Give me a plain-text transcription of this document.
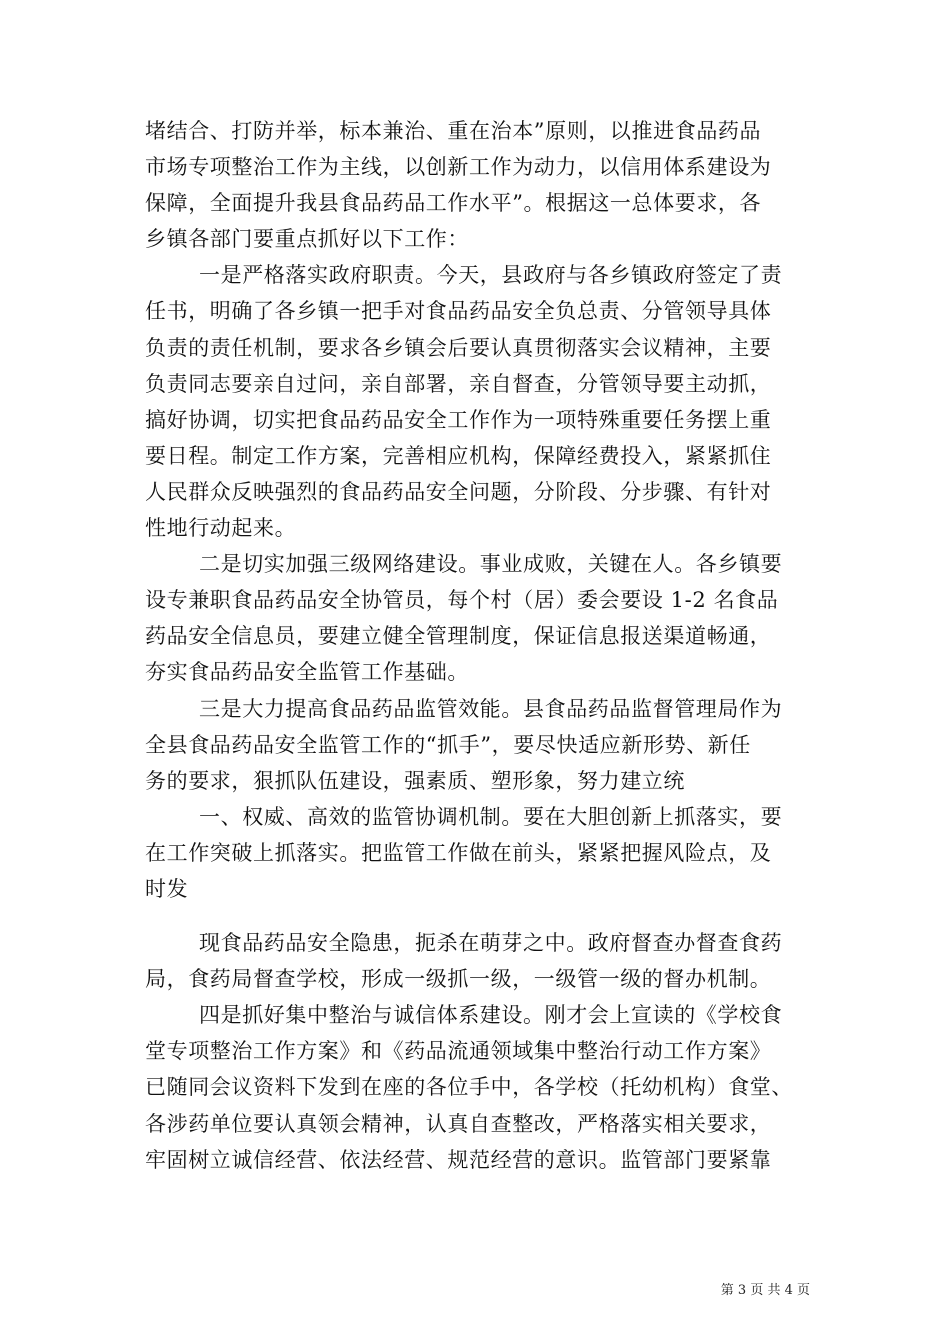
堵结合、打防并举，标本兼治、重在治本”原则，以推进食品药品
市场专项整治工作为主线，以创新工作为动力，以信用体系建设为
保障，全面提升我县食品药品工作水平”。根据这一总体要求，各
乡镇各部门要重点抓好以下工作：
一是严格落实政府职责。今天，县政府与各乡镇政府签定了责
任书，明确了各乡镇一把手对食品药品安全负总责、分管领导具体
负责的责任机制，要求各乡镇会后要认真贯彻落实会议精神，主要
负责同志要亲自过问，亲自部署，亲自督查，分管领导要主动抓，
搞好协调，切实把食品药品安全工作作为一项特殊重要任务摆上重
要日程。制定工作方案，完善相应机构，保障经费投入，紧紧抓住
人民群众反映强烈的食品药品安全问题，分阶段、分步骤、有针对
性地行动起来。
二是切实加强三级网络建设。事业成败，关键在人。各乡镇要
设专兼职食品药品安全协管员，每个村（居）委会要设 1-2 名食品
药品安全信息员，要建立健全管理制度，保证信息报送渠道畅通，
夯实食品药品安全监管工作基础。
三是大力提高食品药品监管效能。县食品药品监督管理局作为
全县食品药品安全监管工作的“抓手”，要尽快适应新形势、新任
务的要求，狠抓队伍建设，强素质、塑形象，努力建立统
一、权威、高效的监管协调机制。要在大胆创新上抓落实，要
在工作突破上抓落实。把监管工作做在前头，紧紧把握风险点，及
时发
现食品药品安全隐患，扼杀在萌芽之中。政府督查办督查食药
局，食药局督查学校，形成一级抓一级，一级管一级的督办机制。
四是抓好集中整治与诚信体系建设。刚才会上宣读的《学校食
堂专项整治工作方案》和《药品流通领域集中整治行动工作方案》
已随同会议资料下发到在座的各位手中，各学校（托幼机构）食堂、
各涉药单位要认真领会精神，认真自查整改，严格落实相关要求，
牢固树立诚信经营、依法经营、规范经营的意识。监管部门要紧靠
第 3 页 共 4 页
